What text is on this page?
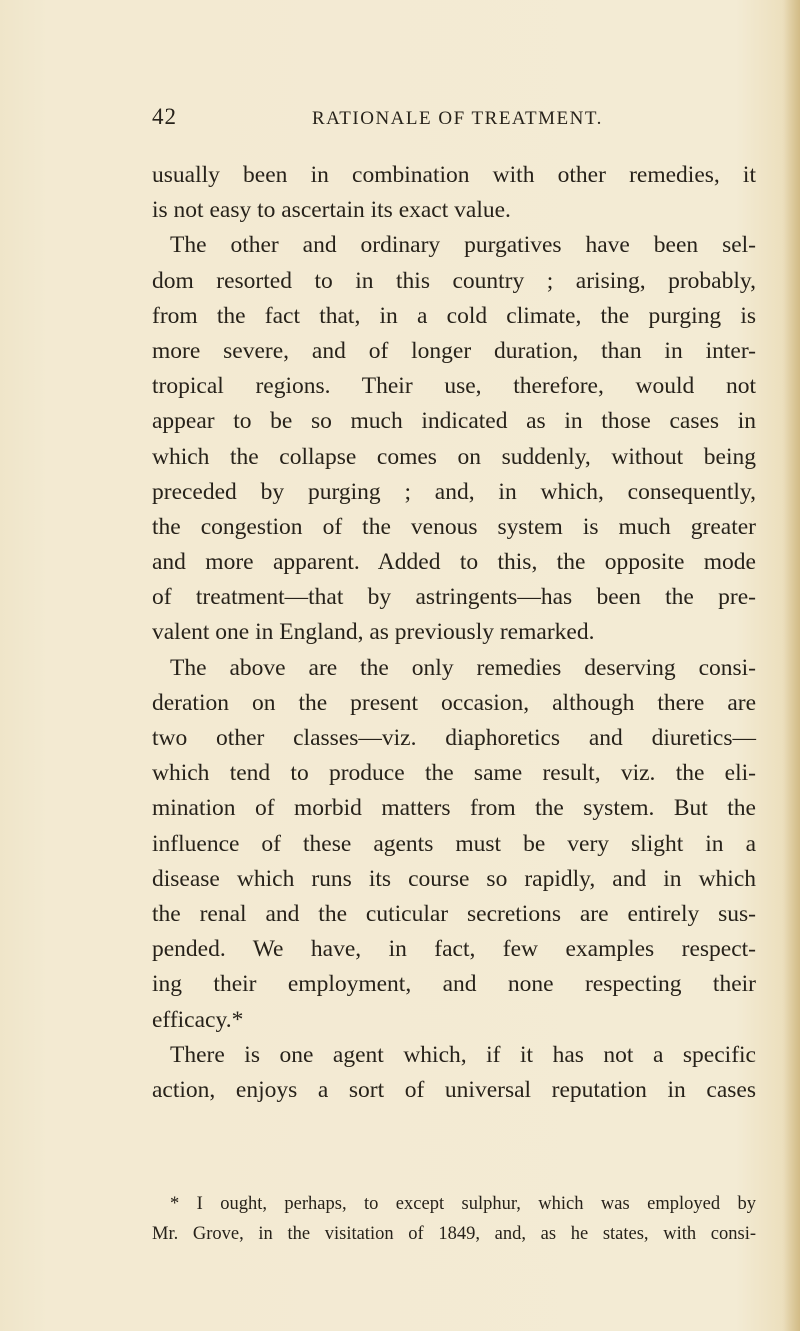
42	RATIONALE OF TREATMENT.
usually been in combination with other remedies, it
is not easy to ascertain its exact value.
The other and ordinary purgatives have been sel-
dom resorted to in this country ; arising, probably,
from the fact that, in a cold climate, the purging is
more severe, and of longer duration, than in inter-
tropical regions. Their use, therefore, would not
appear to be so much indicated as in those cases in
which the collapse comes on suddenly, without being
preceded by purging ; and, in which, consequently,
the congestion of the venous system is much greater
and more apparent. Added to this, the opposite mode
of treatment—that by astringents—has been the pre-
valent one in England, as previously remarked.
The above are the only remedies deserving consi-
deration on the present occasion, although there are
two other classes—viz. diaphoretics and diuretics—
which tend to produce the same result, viz. the eli-
mination of morbid matters from the system. But the
influence of these agents must be very slight in a
disease which runs its course so rapidly, and in which
the renal and the cuticular secretions are entirely sus-
pended. We have, in fact, few examples respect-
ing their employment, and none respecting their
efficacy.*
There is one agent which, if it has not a specific
action, enjoys a sort of universal reputation in cases
* I ought, perhaps, to except sulphur, which was employed by
Mr. Grove, in the visitation of 1849, and, as he states, with consi-
